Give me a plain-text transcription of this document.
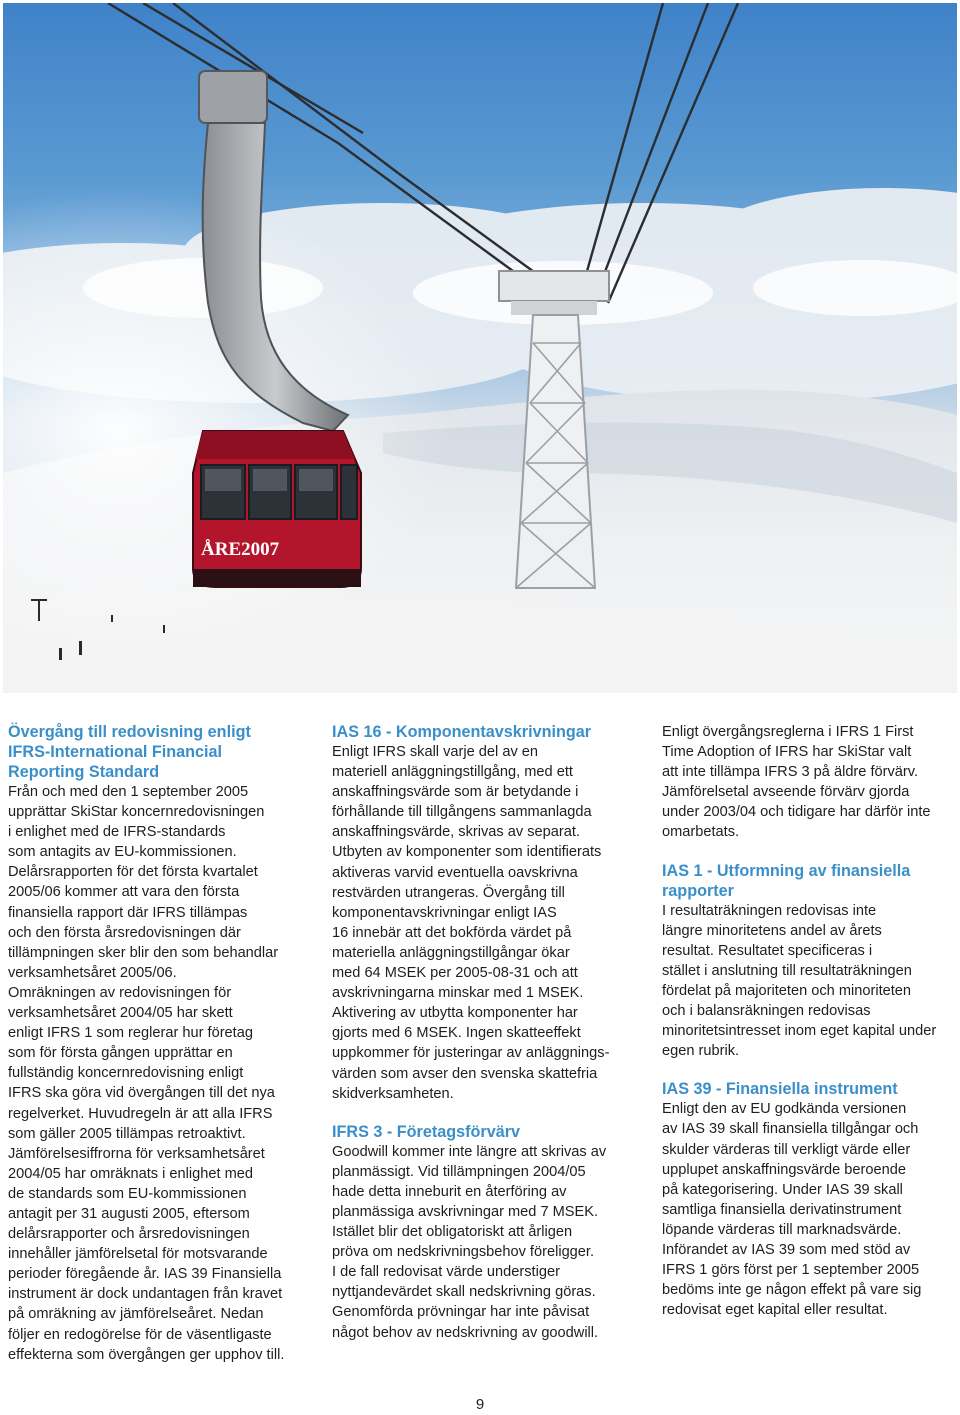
ÅRE2007
Övergång till redovisning enligt
IFRS-International Financial
Reporting Standard

Från och med den 1 september 2005
upprättar SkiStar koncernredovisningen
i enlighet med de IFRS-standards
som antagits av EU-kommissionen.

Delårsrapporten för det första kvartalet
2005/06 kommer att vara den första
finansiella rapport där IFRS tillämpas
och den första årsredovisningen där
tillämpningen sker blir den som behandlar
verksamhetsåret 2005/06.

Omräkningen av redovisningen för
verksamhetsåret 2004/05 har skett
enligt IFRS 1 som reglerar hur företag
som för första gången upprättar en
fullständig koncernredovisning enligt
IFRS ska göra vid övergången till det nya
regelverket. Huvudregeln är att alla IFRS
som gäller 2005 tillämpas retroaktivt.

Jämförelsesiffrorna för verksamhetsåret
2004/05 har omräknats i enlighet med
de standards som EU-kommissionen
antagit per 31 augusti 2005, eftersom
delårsrapporter och årsredovisningen
innehåller jämförelsetal för motsvarande
perioder föregående år. IAS 39 Finansiella
instrument är dock undantagen från kravet
på omräkning av jämförelseåret. Nedan
följer en redogörelse för de väsentligaste
effekterna som övergången ger upphov till.

IAS 16 - Komponentavskrivningar

Enligt IFRS skall varje del av en
materiell anläggningstillgång, med ett
anskaffningsvärde som är betydande i
förhållande till tillgångens sammanlagda
anskaffningsvärde, skrivas av separat.
Utbyten av komponenter som identifierats
aktiveras varvid eventuella oavskrivna
restvärden utrangeras. Övergång till
komponentavskrivningar enligt IAS
16 innebär att det bokförda värdet på
materiella anläggningstillgångar ökar
med 64 MSEK per 2005-08-31 och att
avskrivningarna minskar med 1 MSEK.
Aktivering av utbytta komponenter har
gjorts med 6 MSEK. Ingen skatteeffekt
uppkommer för justeringar av anläggnings-
värden som avser den svenska skattefria
skidverksamheten.

IFRS 3 - Företagsförvärv

Goodwill kommer inte längre att skrivas av
planmässigt. Vid tillämpningen 2004/05
hade detta inneburit en återföring av
planmässiga avskrivningar med 7 MSEK.
Istället blir det obligatoriskt att årligen
pröva om nedskrivningsbehov föreligger.
I de fall redovisat värde understiger
nyttjandevärdet skall nedskrivning göras.
Genomförda prövningar har inte påvisat
något behov av nedskrivning av goodwill.

Enligt övergångsreglerna i IFRS 1 First
Time Adoption of IFRS har SkiStar valt
att inte tillämpa IFRS 3 på äldre förvärv.
Jämförelsetal avseende förvärv gjorda
under 2003/04 och tidigare har därför inte
omarbetats.

IAS 1 - Utformning av finansiella
rapporter

I resultaträkningen redovisas inte
längre minoritetens andel av årets
resultat. Resultatet specificeras i
stället i anslutning till resultaträkningen
fördelat på majoriteten och minoriteten
och i balansräkningen redovisas
minoritetsintresset inom eget kapital under
egen rubrik.

IAS 39 - Finansiella instrument

Enligt den av EU godkända versionen
av IAS 39 skall finansiella tillgångar och
skulder värderas till verkligt värde eller
upplupet anskaffningsvärde beroende
på kategorisering. Under IAS 39 skall
samtliga finansiella derivatinstrument
löpande värderas till marknadsvärde.
Införandet av IAS 39 som med stöd av
IFRS 1 görs först per 1 september 2005
bedöms inte ge någon effekt på vare sig
redovisat eget kapital eller resultat.

9
